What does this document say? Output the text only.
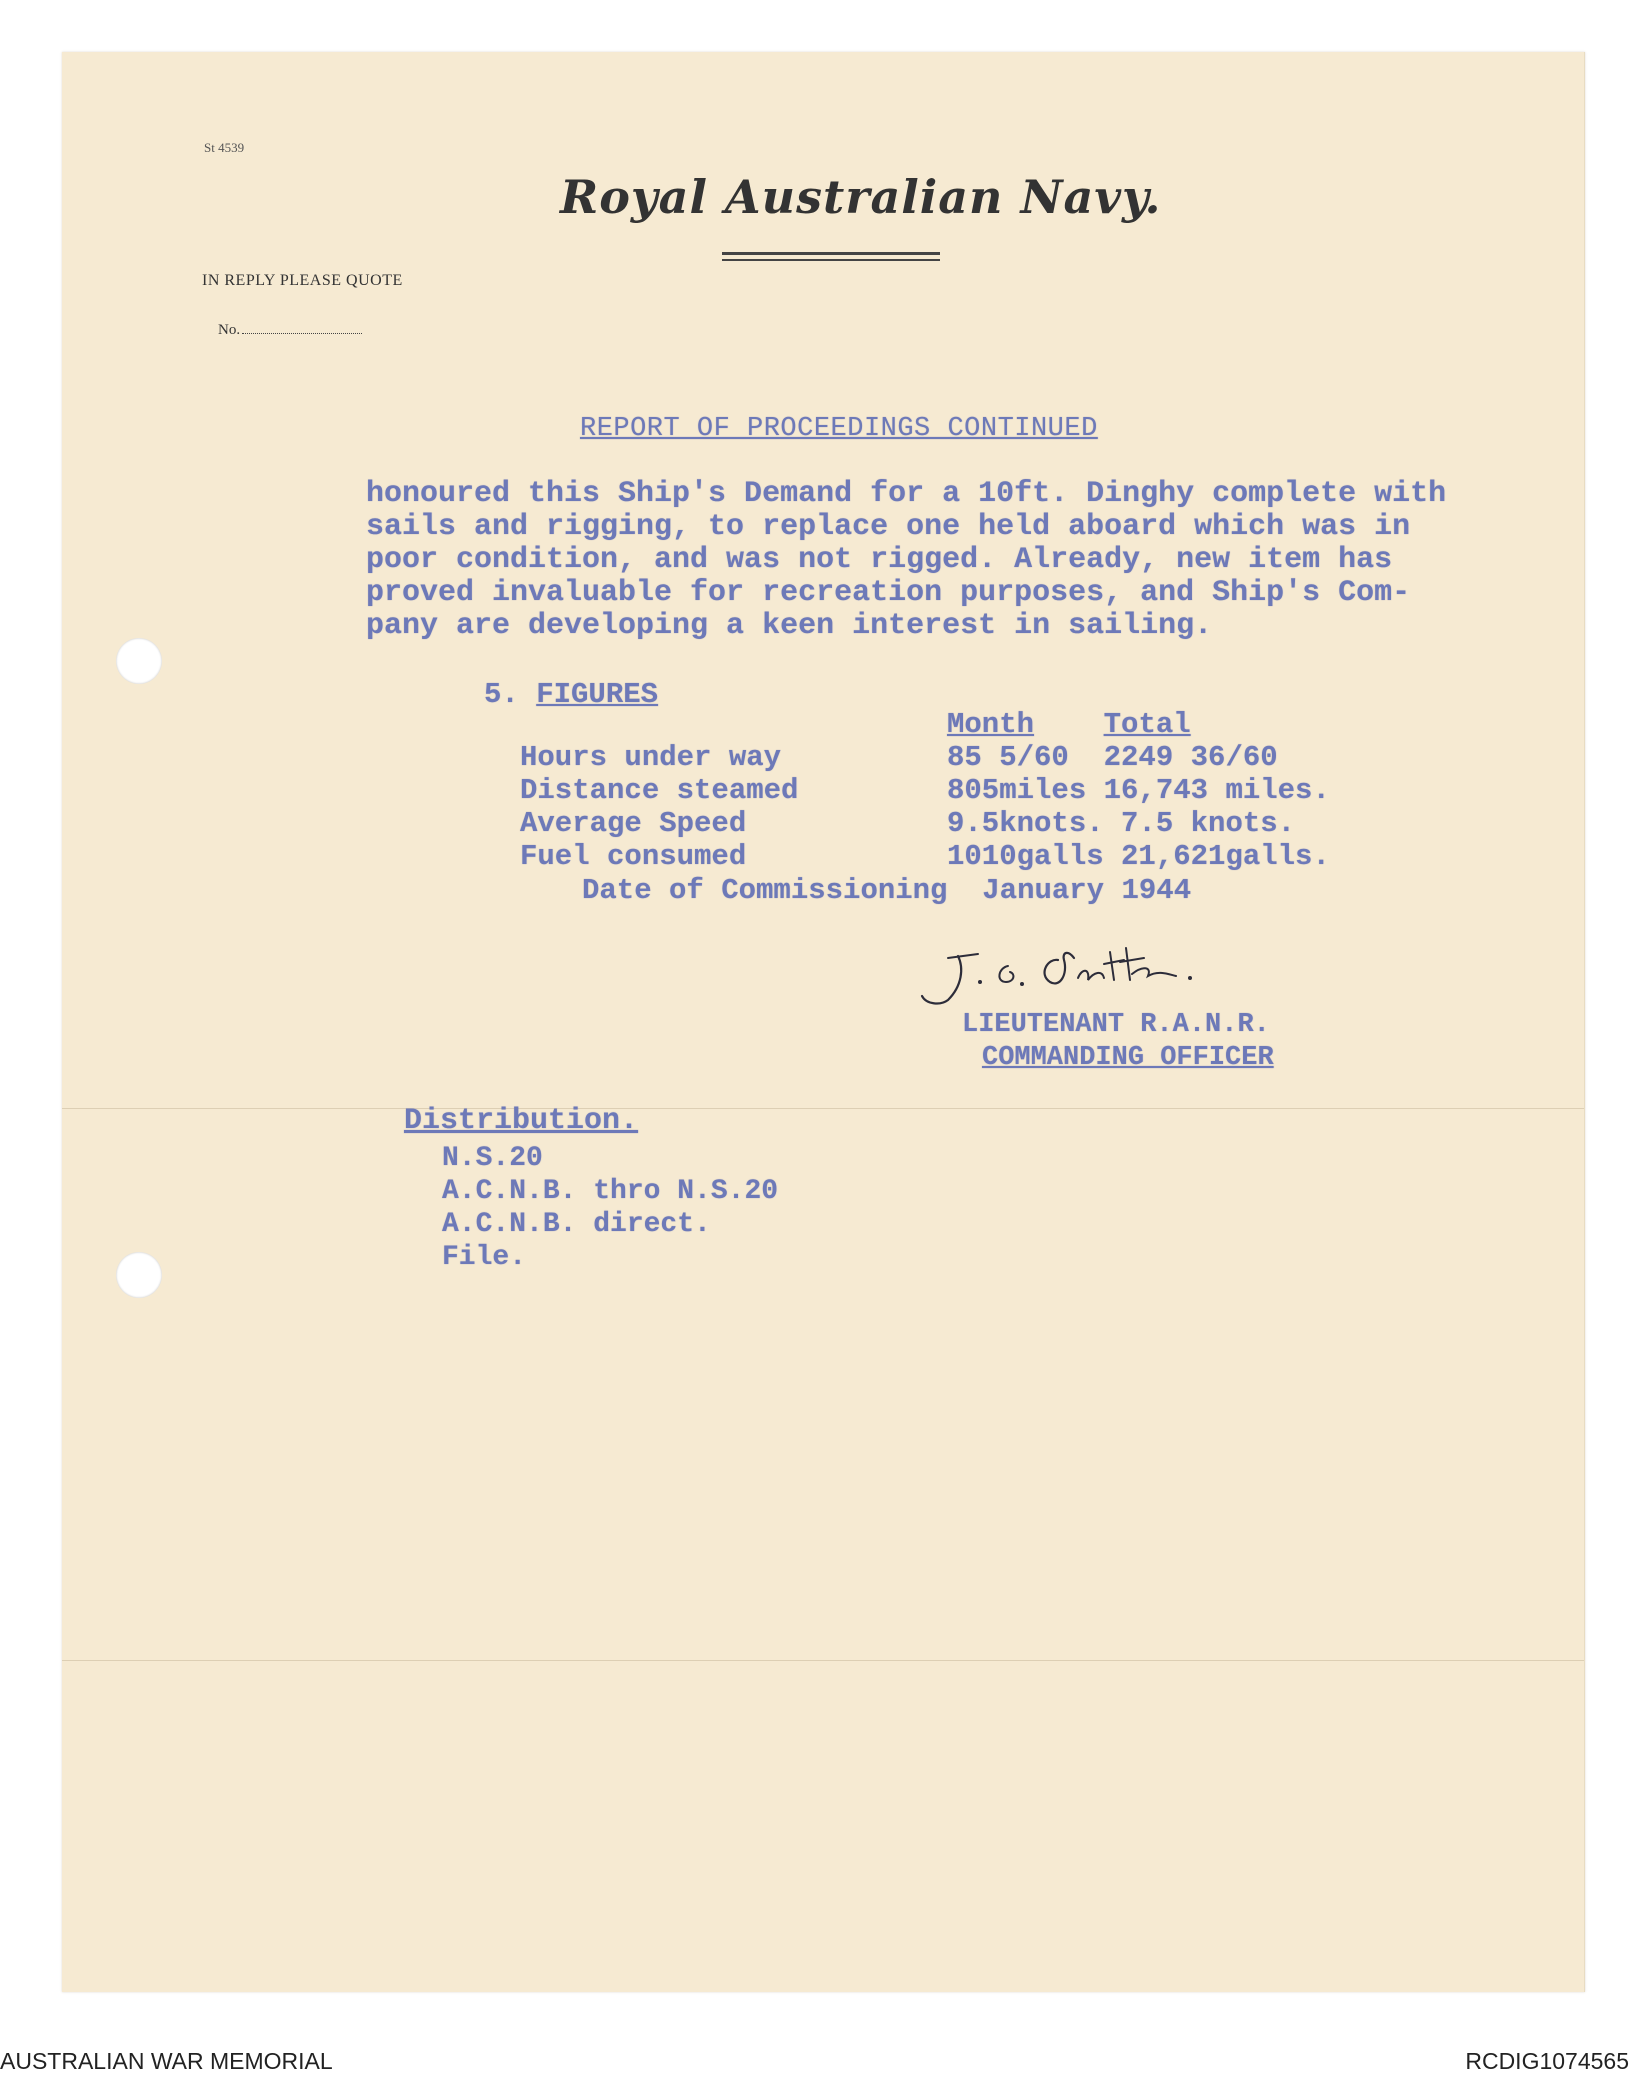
St 4539
Royal Australian Navy.
IN REPLY PLEASE QUOTE
No.
REPORT OF PROCEEDINGS CONTINUED
honoured this Ship's Demand for a 10ft. Dinghy complete with
sails and rigging, to replace one held aboard which was in
poor condition, and was not rigged. Already, new item has
proved invaluable for recreation purposes, and Ship's Com-
pany are developing a keen interest in sailing.
5. FIGURES
	Month Total
Hours under way	85 5/60  2249 36/60
Distance steamed	805miles 16,743 miles.
Average Speed	9.5knots. 7.5 knots.
Fuel consumed	1010galls 21,621galls.
Date of Commissioning  January 1944
LIEUTENANT R.A.N.R.
COMMANDING OFFICER
Distribution.
N.S.20
A.C.N.B. thro N.S.20
A.C.N.B. direct.
File.
AUSTRALIAN WAR MEMORIAL	RCDIG1074565
